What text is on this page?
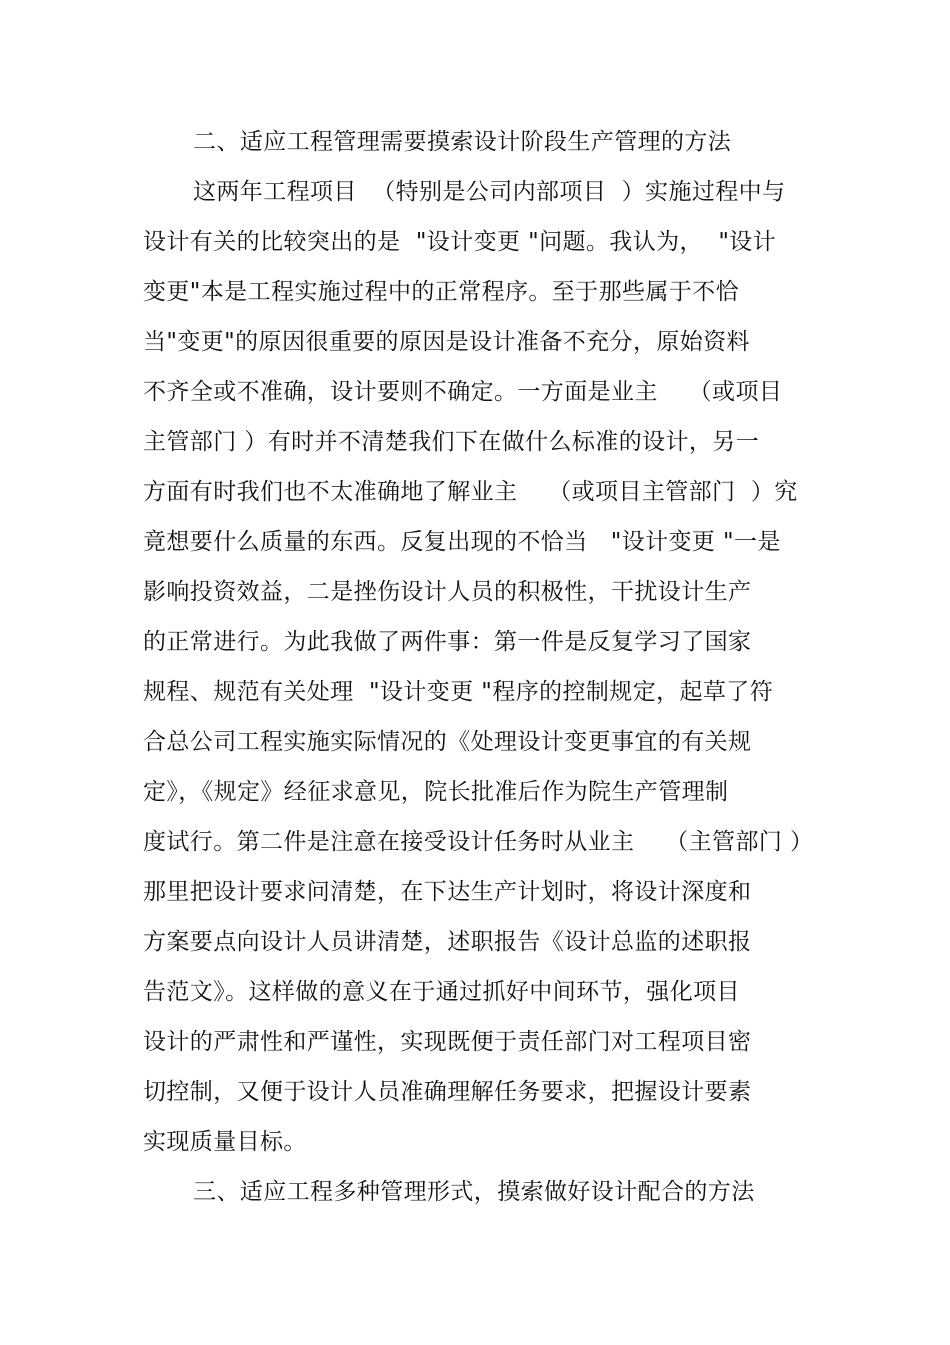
二、适应工程管理需要摸索设计阶段生产管理的方法
这两年工程项目  （特别是公司内部项目  ）实施过程中与
设计有关的比较突出的是  "设计变更 "问题。我认为，  "设计
变更"本是工程实施过程中的正常程序。至于那些属于不恰
当"变更"的原因很重要的原因是设计准备不充分，原始资料
不齐全或不准确，设计要则不确定。一方面是业主    （或项目
主管部门 ）有时并不清楚我们下在做什么标准的设计，另一
方面有时我们也不太准确地了解业主    （或项目主管部门  ）究
竟想要什么质量的东西。反复出现的不恰当   "设计变更 "一是
影响投资效益，二是挫伤设计人员的积极性，干扰设计生产
的正常进行。为此我做了两件事：第一件是反复学习了国家
规程、规范有关处理  "设计变更 "程序的控制规定，起草了符
合总公司工程实施实际情况的《处理设计变更事宜的有关规
定》，《规定》经征求意见，院长批准后作为院生产管理制
度试行。第二件是注意在接受设计任务时从业主    （主管部门 ）
那里把设计要求问清楚，在下达生产计划时，将设计深度和
方案要点向设计人员讲清楚，述职报告《设计总监的述职报
告范文》。这样做的意义在于通过抓好中间环节，强化项目
设计的严肃性和严谨性，实现既便于责任部门对工程项目密
切控制，又便于设计人员准确理解任务要求，把握设计要素
实现质量目标。
三、适应工程多种管理形式，摸索做好设计配合的方法
